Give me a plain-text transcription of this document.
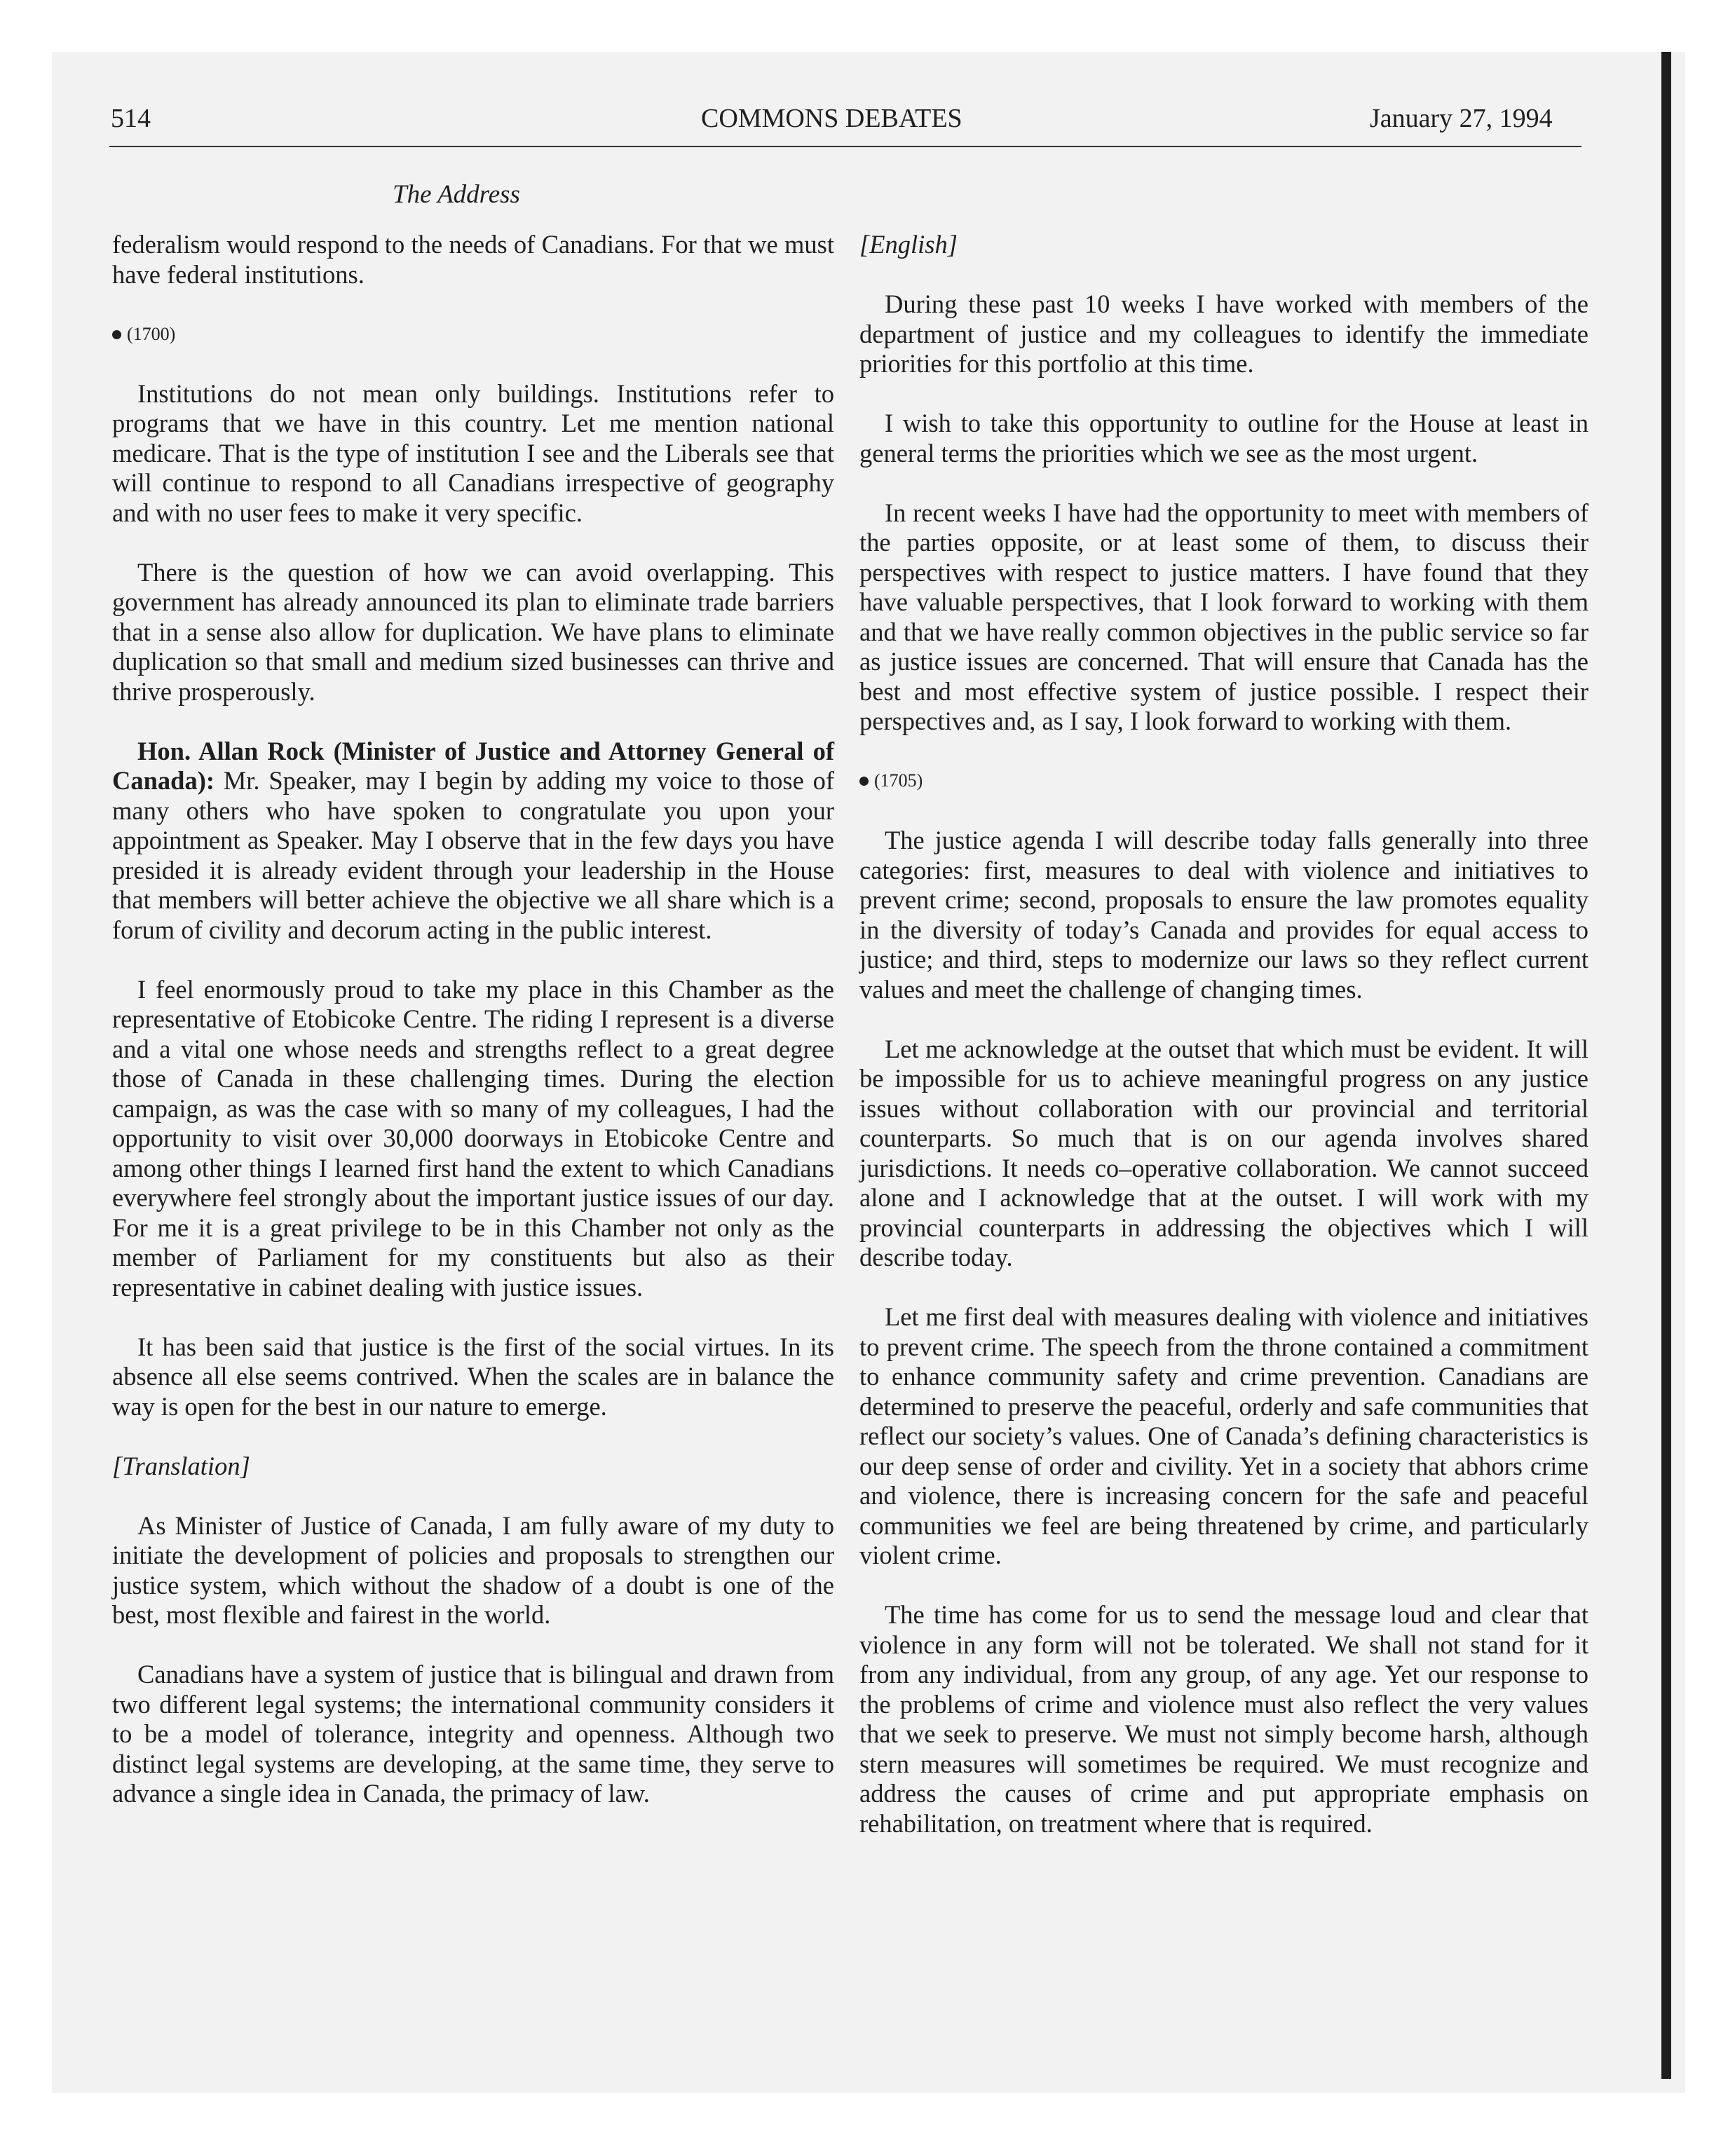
514	COMMONS DEBATES	January 27, 1994
The Address

federalism would respond to the needs of Canadians. For that we must have federal institutions.

(1700)

Institutions do not mean only buildings. Institutions refer to programs that we have in this country. Let me mention national medicare. That is the type of institution I see and the Liberals see that will continue to respond to all Canadians irrespective of geography and with no user fees to make it very specific.

There is the question of how we can avoid overlapping. This government has already announced its plan to eliminate trade barriers that in a sense also allow for duplication. We have plans to eliminate duplication so that small and medium sized businesses can thrive and thrive prosperously.

Hon. Allan Rock (Minister of Justice and Attorney General of Canada): Mr. Speaker, may I begin by adding my voice to those of many others who have spoken to congratulate you upon your appointment as Speaker. May I observe that in the few days you have presided it is already evident through your leadership in the House that members will better achieve the objective we all share which is a forum of civility and decorum acting in the public interest.

I feel enormously proud to take my place in this Chamber as the representative of Etobicoke Centre. The riding I represent is a diverse and a vital one whose needs and strengths reflect to a great degree those of Canada in these challenging times. During the election campaign, as was the case with so many of my colleagues, I had the opportunity to visit over 30,000 doorways in Etobicoke Centre and among other things I learned first hand the extent to which Canadians everywhere feel strongly about the important justice issues of our day. For me it is a great privilege to be in this Chamber not only as the member of Parliament for my constituents but also as their representative in cabinet dealing with justice issues.

It has been said that justice is the first of the social virtues. In its absence all else seems contrived. When the scales are in balance the way is open for the best in our nature to emerge.

[Translation]

As Minister of Justice of Canada, I am fully aware of my duty to initiate the development of policies and proposals to strengthen our justice system, which without the shadow of a doubt is one of the best, most flexible and fairest in the world.

Canadians have a system of justice that is bilingual and drawn from two different legal systems; the international community considers it to be a model of tolerance, integrity and openness. Although two distinct legal systems are developing, at the same time, they serve to advance a single idea in Canada, the primacy of law.

[English]

During these past 10 weeks I have worked with members of the department of justice and my colleagues to identify the immediate priorities for this portfolio at this time.

I wish to take this opportunity to outline for the House at least in general terms the priorities which we see as the most urgent.

In recent weeks I have had the opportunity to meet with members of the parties opposite, or at least some of them, to discuss their perspectives with respect to justice matters. I have found that they have valuable perspectives, that I look forward to working with them and that we have really common objectives in the public service so far as justice issues are concerned. That will ensure that Canada has the best and most effective system of justice possible. I respect their perspectives and, as I say, I look forward to working with them.

(1705)

The justice agenda I will describe today falls generally into three categories: first, measures to deal with violence and initiatives to prevent crime; second, proposals to ensure the law promotes equality in the diversity of today’s Canada and provides for equal access to justice; and third, steps to modernize our laws so they reflect current values and meet the challenge of changing times.

Let me acknowledge at the outset that which must be evident. It will be impossible for us to achieve meaningful progress on any justice issues without collaboration with our provincial and territorial counterparts. So much that is on our agenda involves shared jurisdictions. It needs co–operative collaboration. We cannot succeed alone and I acknowledge that at the outset. I will work with my provincial counterparts in addressing the objectives which I will describe today.

Let me first deal with measures dealing with violence and initiatives to prevent crime. The speech from the throne contained a commitment to enhance community safety and crime prevention. Canadians are determined to preserve the peaceful, orderly and safe communities that reflect our society’s values. One of Canada’s defining characteristics is our deep sense of order and civility. Yet in a society that abhors crime and violence, there is increasing concern for the safe and peaceful communities we feel are being threatened by crime, and particularly violent crime.

The time has come for us to send the message loud and clear that violence in any form will not be tolerated. We shall not stand for it from any individual, from any group, of any age. Yet our response to the problems of crime and violence must also reflect the very values that we seek to preserve. We must not simply become harsh, although stern measures will sometimes be required. We must recognize and address the causes of crime and put appropriate emphasis on rehabilitation, on treatment where that is required.
